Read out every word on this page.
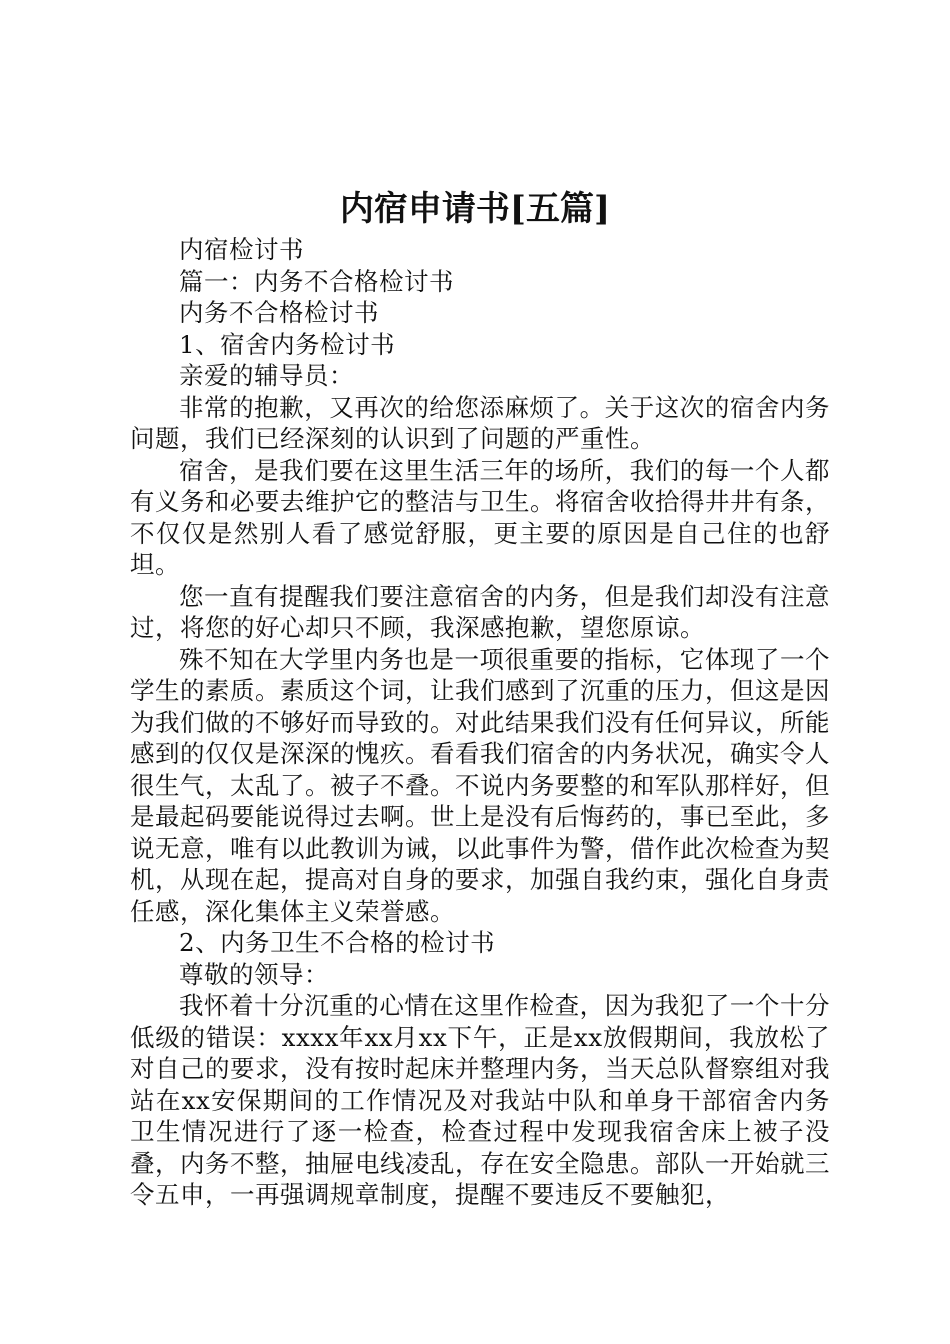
内宿申请书[五篇]

内宿检讨书

篇一：内务不合格检讨书

内务不合格检讨书

1、宿舍内务检讨书

亲爱的辅导员：

非常的抱歉，又再次的给您添麻烦了。关于这次的宿舍内务问题，我们已经深刻的认识到了问题的严重性。

宿舍，是我们要在这里生活三年的场所，我们的每一个人都有义务和必要去维护它的整洁与卫生。将宿舍收拾得井井有条，不仅仅是然别人看了感觉舒服，更主要的原因是自己住的也舒坦。

您一直有提醒我们要注意宿舍的内务，但是我们却没有注意过，将您的好心却只不顾，我深感抱歉，望您原谅。

殊不知在大学里内务也是一项很重要的指标，它体现了一个学生的素质。素质这个词，让我们感到了沉重的压力，但这是因为我们做的不够好而导致的。对此结果我们没有任何异议，所能感到的仅仅是深深的愧疚。看看我们宿舍的内务状况，确实令人很生气，太乱了。被子不叠。不说内务要整的和军队那样好，但是最起码要能说得过去啊。世上是没有后悔药的，事已至此，多说无意，唯有以此教训为诫，以此事件为警，借作此次检查为契机，从现在起，提高对自身的要求，加强自我约束，强化自身责任感，深化集体主义荣誉感。

2、内务卫生不合格的检讨书

尊敬的领导：

我怀着十分沉重的心情在这里作检查，因为我犯了一个十分低级的错误：xxxx年xx月xx下午，正是xx放假期间，我放松了对自己的要求，没有按时起床并整理内务，当天总队督察组对我站在xx安保期间的工作情况及对我站中队和单身干部宿舍内务卫生情况进行了逐一检查，检查过程中发现我宿舍床上被子没叠，内务不整，抽屉电线凌乱，存在安全隐患。部队一开始就三令五申，一再强调规章制度，提醒不要违反不要触犯，
